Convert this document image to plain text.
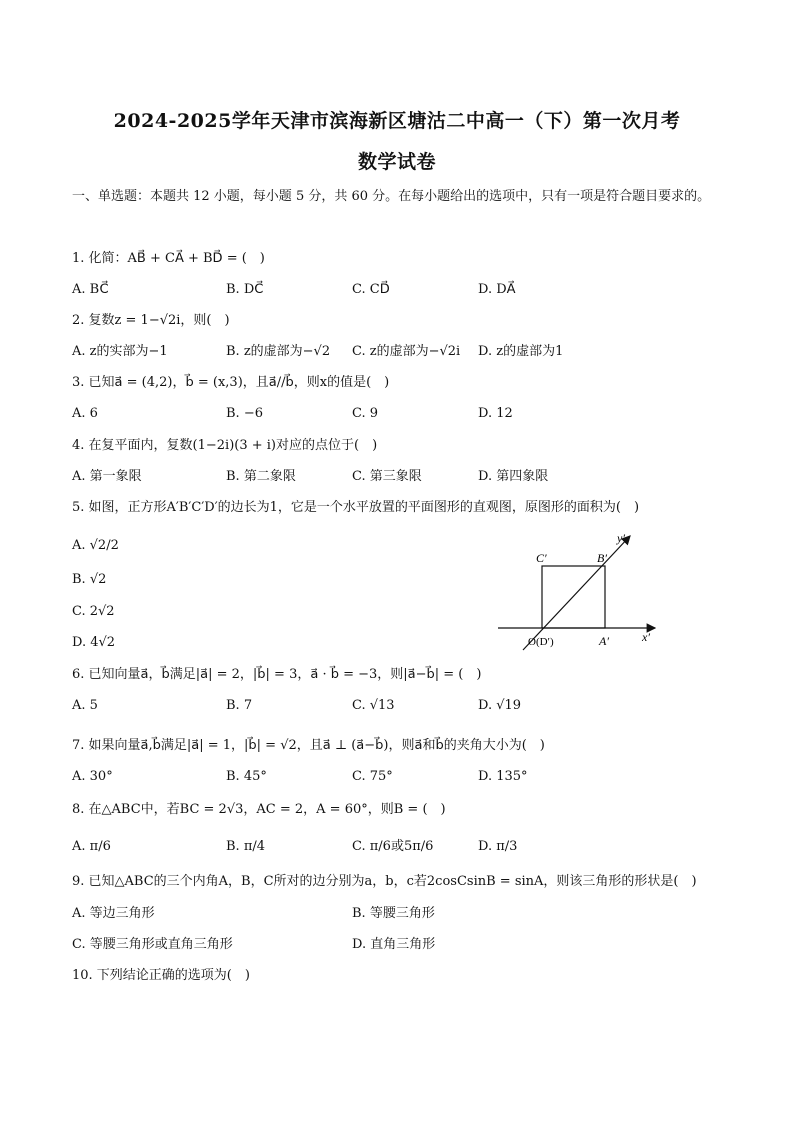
2024-2025学年天津市滨海新区塘沽二中高一（下）第一次月考
数学试卷
一、单选题：本题共 12 小题，每小题 5 分，共 60 分。在每小题给出的选项中，只有一项是符合题目要求的。
1. 化简：AB⃗ + CA⃗ + BD⃗ = (　)
A. BC⃗	B. DC⃗	C. CD⃗	D. DA⃗
2. 复数z = 1−√2i，则(　)
A. z的实部为−1	B. z的虚部为−√2 C. z的虚部为−√2i D. z的虚部为1
3. 已知a⃗ = (4,2)，b⃗ = (x,3)，且a⃗//b⃗，则x的值是(　)
A. 6	B. −6	C. 9	D. 12
4. 在复平面内，复数(1−2i)(3 + i)对应的点位于(　)
A. 第一象限	B. 第二象限	C. 第三象限	D. 第四象限
5. 如图，正方形A′B′C′D′的边长为1，它是一个水平放置的平面图形的直观图，原图形的面积为(　)
A. √2/2
B. √2
C. 2√2
D. 4√2
C′	B′
y′
O(D′)	A′	x′
6. 已知向量a⃗，b⃗满足|a⃗| = 2，|b⃗| = 3，a⃗ · b⃗ = −3，则|a⃗−b⃗| = (　)
A. 5	B. 7	C. √13	D. √19
7. 如果向量a⃗,b⃗满足|a⃗| = 1，|b⃗| = √2，且a⃗ ⊥ (a⃗−b⃗)，则a⃗和b⃗的夹角大小为(　)
A. 30°	B. 45°	C. 75°	D. 135°
8. 在△ABC中，若BC = 2√3，AC = 2，A = 60°，则B = (　)
A. π/6	B. π/4	C. π/6或5π/6	D. π/3
9. 已知△ABC的三个内角A，B，C所对的边分别为a，b，c若2cosCsinB = sinA，则该三角形的形状是(　)
A. 等边三角形	B. 等腰三角形
C. 等腰三角形或直角三角形	D. 直角三角形
10. 下列结论正确的选项为(　)
